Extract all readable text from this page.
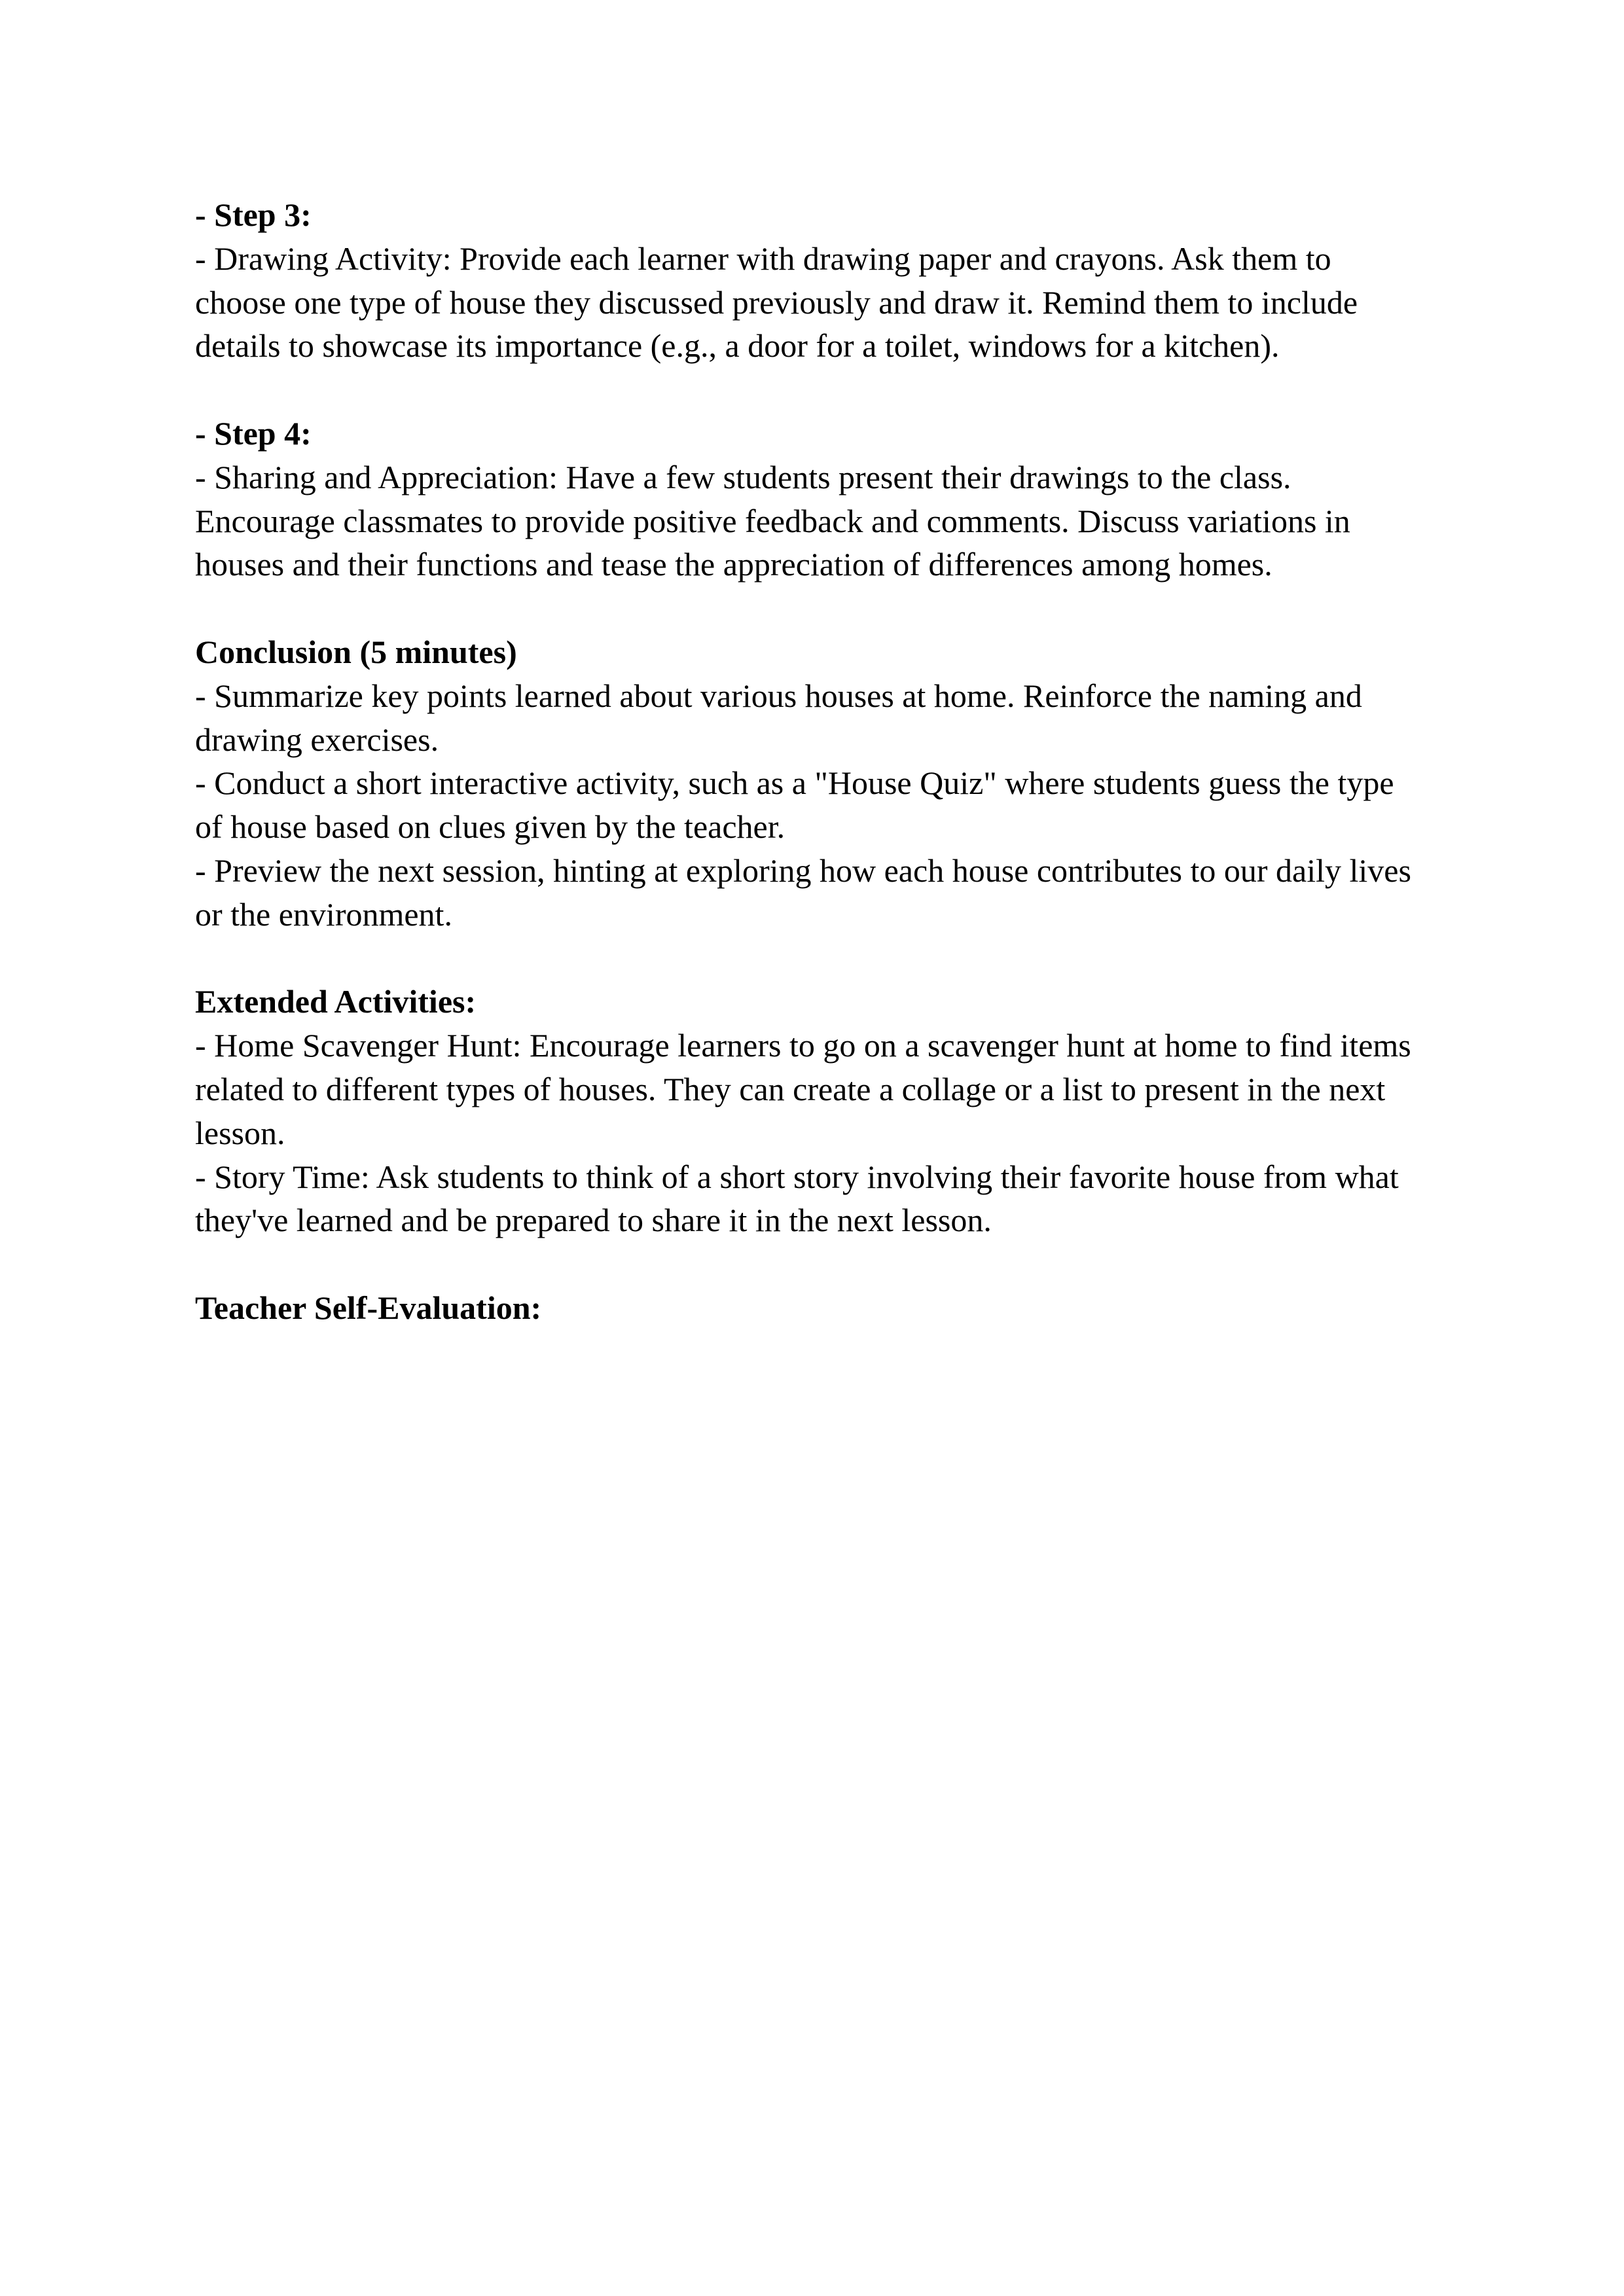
- Step 3:

- Drawing Activity: Provide each learner with drawing paper and crayons. Ask them to choose one type of house they discussed previously and draw it. Remind them to include details to showcase its importance (e.g., a door for a toilet, windows for a kitchen).

- Step 4:

- Sharing and Appreciation: Have a few students present their drawings to the class. Encourage classmates to provide positive feedback and comments. Discuss variations in houses and their functions and tease the appreciation of differences among homes.

Conclusion (5 minutes)

- Summarize key points learned about various houses at home. Reinforce the naming and drawing exercises.

- Conduct a short interactive activity, such as a "House Quiz" where students guess the type of house based on clues given by the teacher.

- Preview the next session, hinting at exploring how each house contributes to our daily lives or the environment.

Extended Activities:

- Home Scavenger Hunt: Encourage learners to go on a scavenger hunt at home to find items related to different types of houses. They can create a collage or a list to present in the next lesson.

- Story Time: Ask students to think of a short story involving their favorite house from what they've learned and be prepared to share it in the next lesson.

Teacher Self-Evaluation:
